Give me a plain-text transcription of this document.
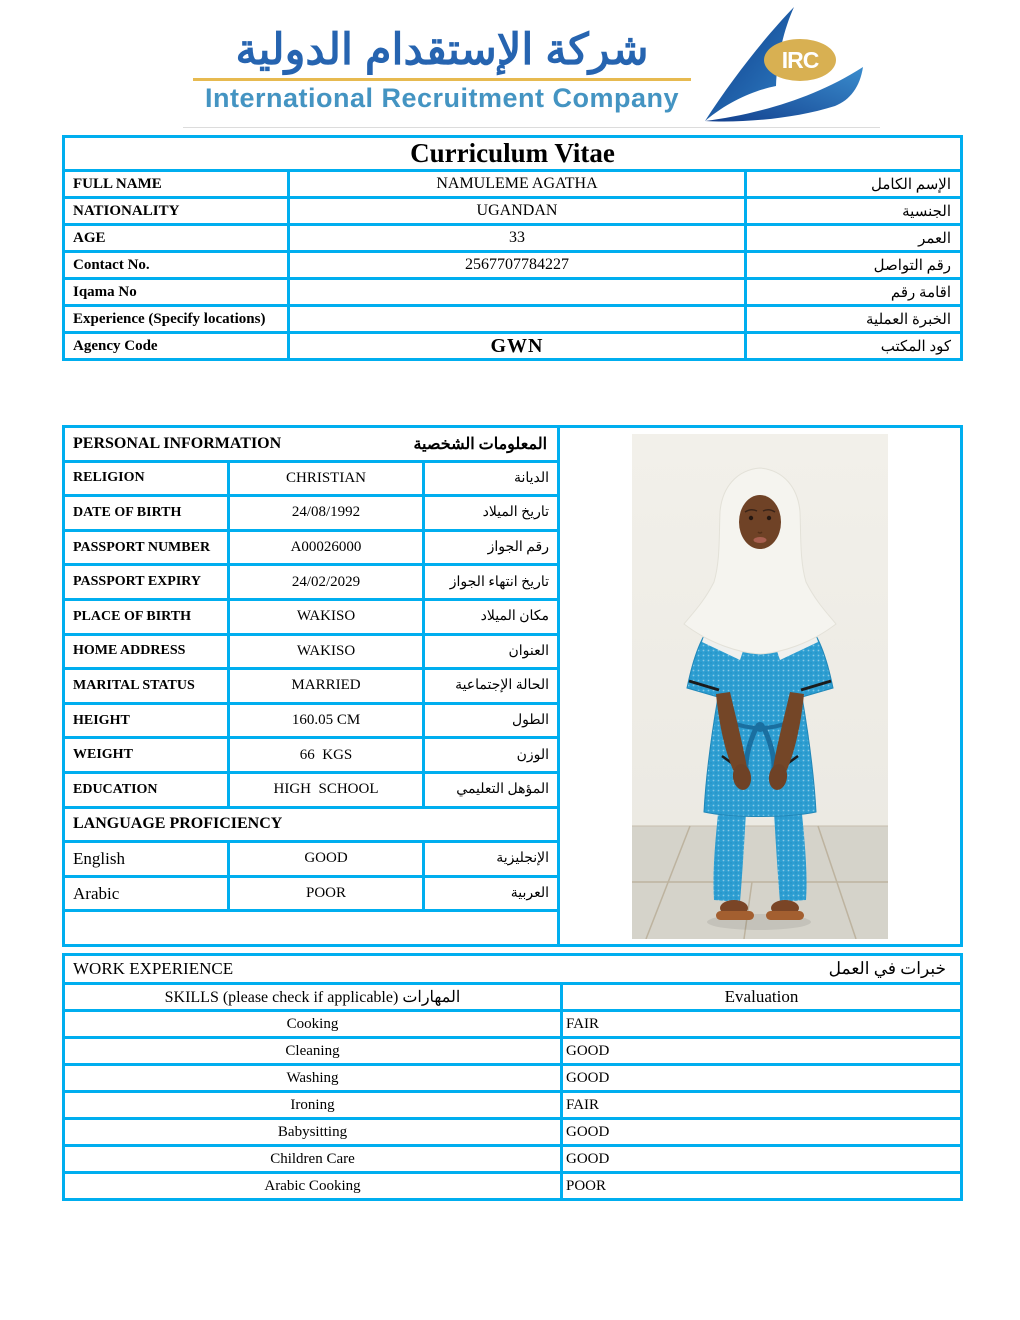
شركة الإستقدام الدولية
International Recruitment Company
IRC
Curriculum Vitae		
FULL NAME	NAMULEME AGATHA	الإسم الكامل
NATIONALITY	UGANDAN	الجنسية
AGE	33	العمر
Contact No.	2567707784227	رقم التواصل
Iqama No		اقامة رقم
Experience (Specify locations)		الخبرة العملية
Agency Code	GWN	كود المكتب
PERSONAL INFORMATION المعلومات الشخصية

RELIGION	CHRISTIAN	الديانة	
DATE OF BIRTH	24/08/1992	تاريخ الميلاد	
PASSPORT NUMBER	A00026000	رقم الجواز	
PASSPORT EXPIRY	24/02/2029	تاريخ انتهاء الجواز	
PLACE OF BIRTH	WAKISO	مكان الميلاد	
HOME ADDRESS	WAKISO	العنوان	
MARITAL STATUS	MARRIED	الحالة الإجتماعية	
HEIGHT	160.05 CM	الطول	
WEIGHT	66  KGS	الوزن	
EDUCATION	HIGH  SCHOOL	المؤهل التعليمي	
LANGUAGE PROFICIENCY			
English	GOOD	الإنجليزية	
Arabic	POOR	العربية	

WORK EXPERIENCE خبرات في العمل	

SKILLS (please check if applicable) المهارات	Evaluation
Cooking	FAIR
Cleaning	GOOD
Washing	GOOD
Ironing	FAIR
Babysitting	GOOD
Children Care	GOOD
Arabic Cooking	POOR
